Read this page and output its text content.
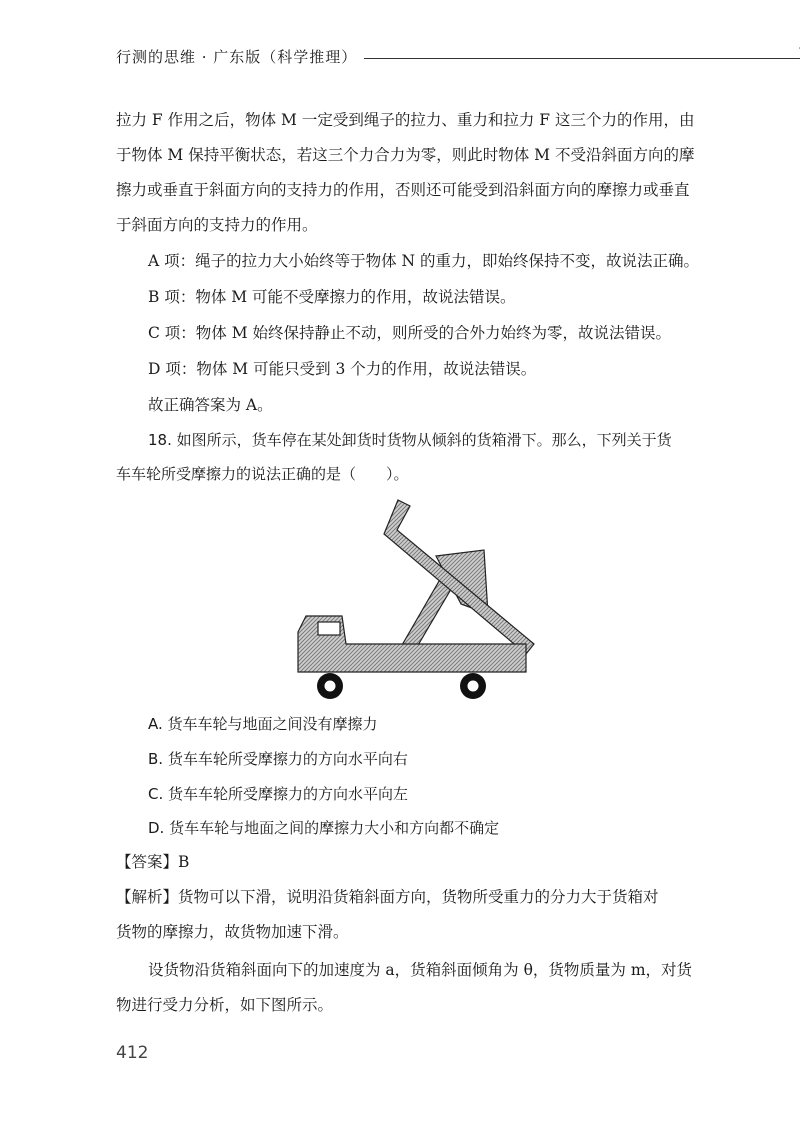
行测的思维 · 广东版（科学推理）
拉力 F 作用之后，物体 M 一定受到绳子的拉力、重力和拉力 F 这三个力的作用，由
于物体 M 保持平衡状态，若这三个力合力为零，则此时物体 M 不受沿斜面方向的摩
擦力或垂直于斜面方向的支持力的作用，否则还可能受到沿斜面方向的摩擦力或垂直
于斜面方向的支持力的作用。
A 项：绳子的拉力大小始终等于物体 N 的重力，即始终保持不变，故说法正确。
B 项：物体 M 可能不受摩擦力的作用，故说法错误。
C 项：物体 M 始终保持静止不动，则所受的合外力始终为零，故说法错误。
D 项：物体 M 可能只受到 3 个力的作用，故说法错误。
故正确答案为 A。
18. 如图所示，货车停在某处卸货时货物从倾斜的货箱滑下。那么，下列关于货
车车轮所受摩擦力的说法正确的是（　　）。
A. 货车车轮与地面之间没有摩擦力
B. 货车车轮所受摩擦力的方向水平向右
C. 货车车轮所受摩擦力的方向水平向左
D. 货车车轮与地面之间的摩擦力大小和方向都不确定
【答案】B
【解析】货物可以下滑，说明沿货箱斜面方向，货物所受重力的分力大于货箱对
货物的摩擦力，故货物加速下滑。
设货物沿货箱斜面向下的加速度为 a，货箱斜面倾角为 θ，货物质量为 m，对货
物进行受力分析，如下图所示。
412
